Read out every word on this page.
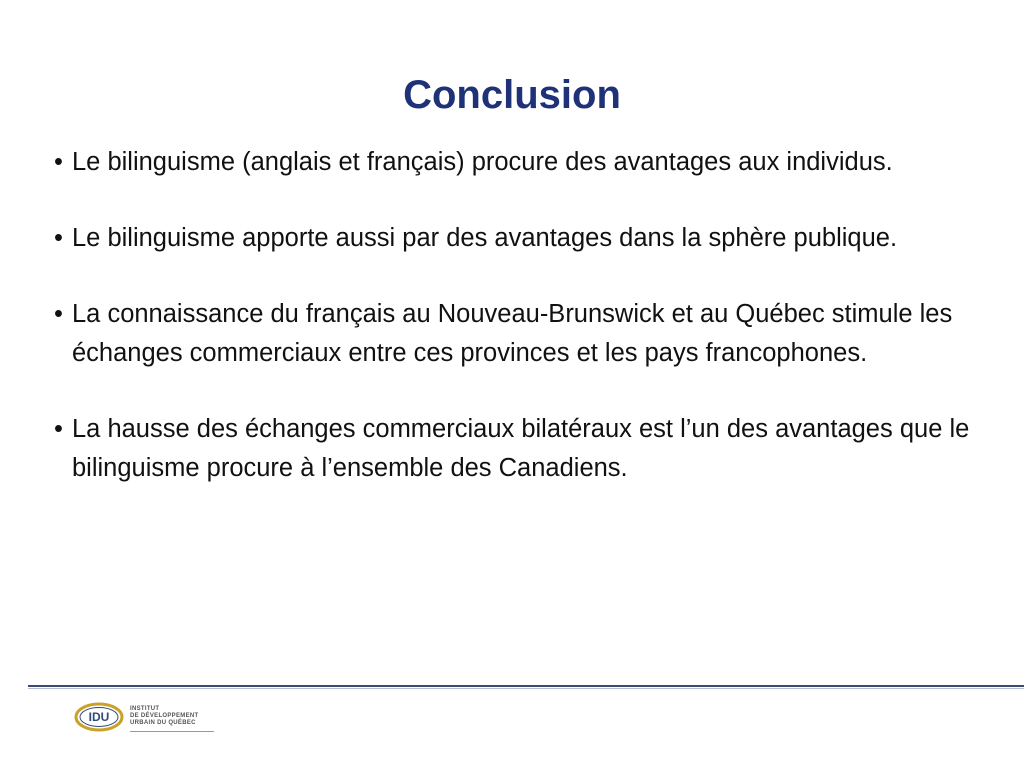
Conclusion
• Le bilinguisme (anglais et français) procure des avantages aux individus.
• Le bilinguisme apporte aussi par des avantages dans la sphère publique.
• La connaissance du français au Nouveau-Brunswick et au Québec stimule les échanges commerciaux entre ces provinces et les pays francophones.
• La hausse des échanges commerciaux bilatéraux est l’un des avantages que le bilinguisme procure à l’ensemble des Canadiens.
IDU
INSTITUT
DE DÉVELOPPEMENT
URBAIN DU QUÉBEC
